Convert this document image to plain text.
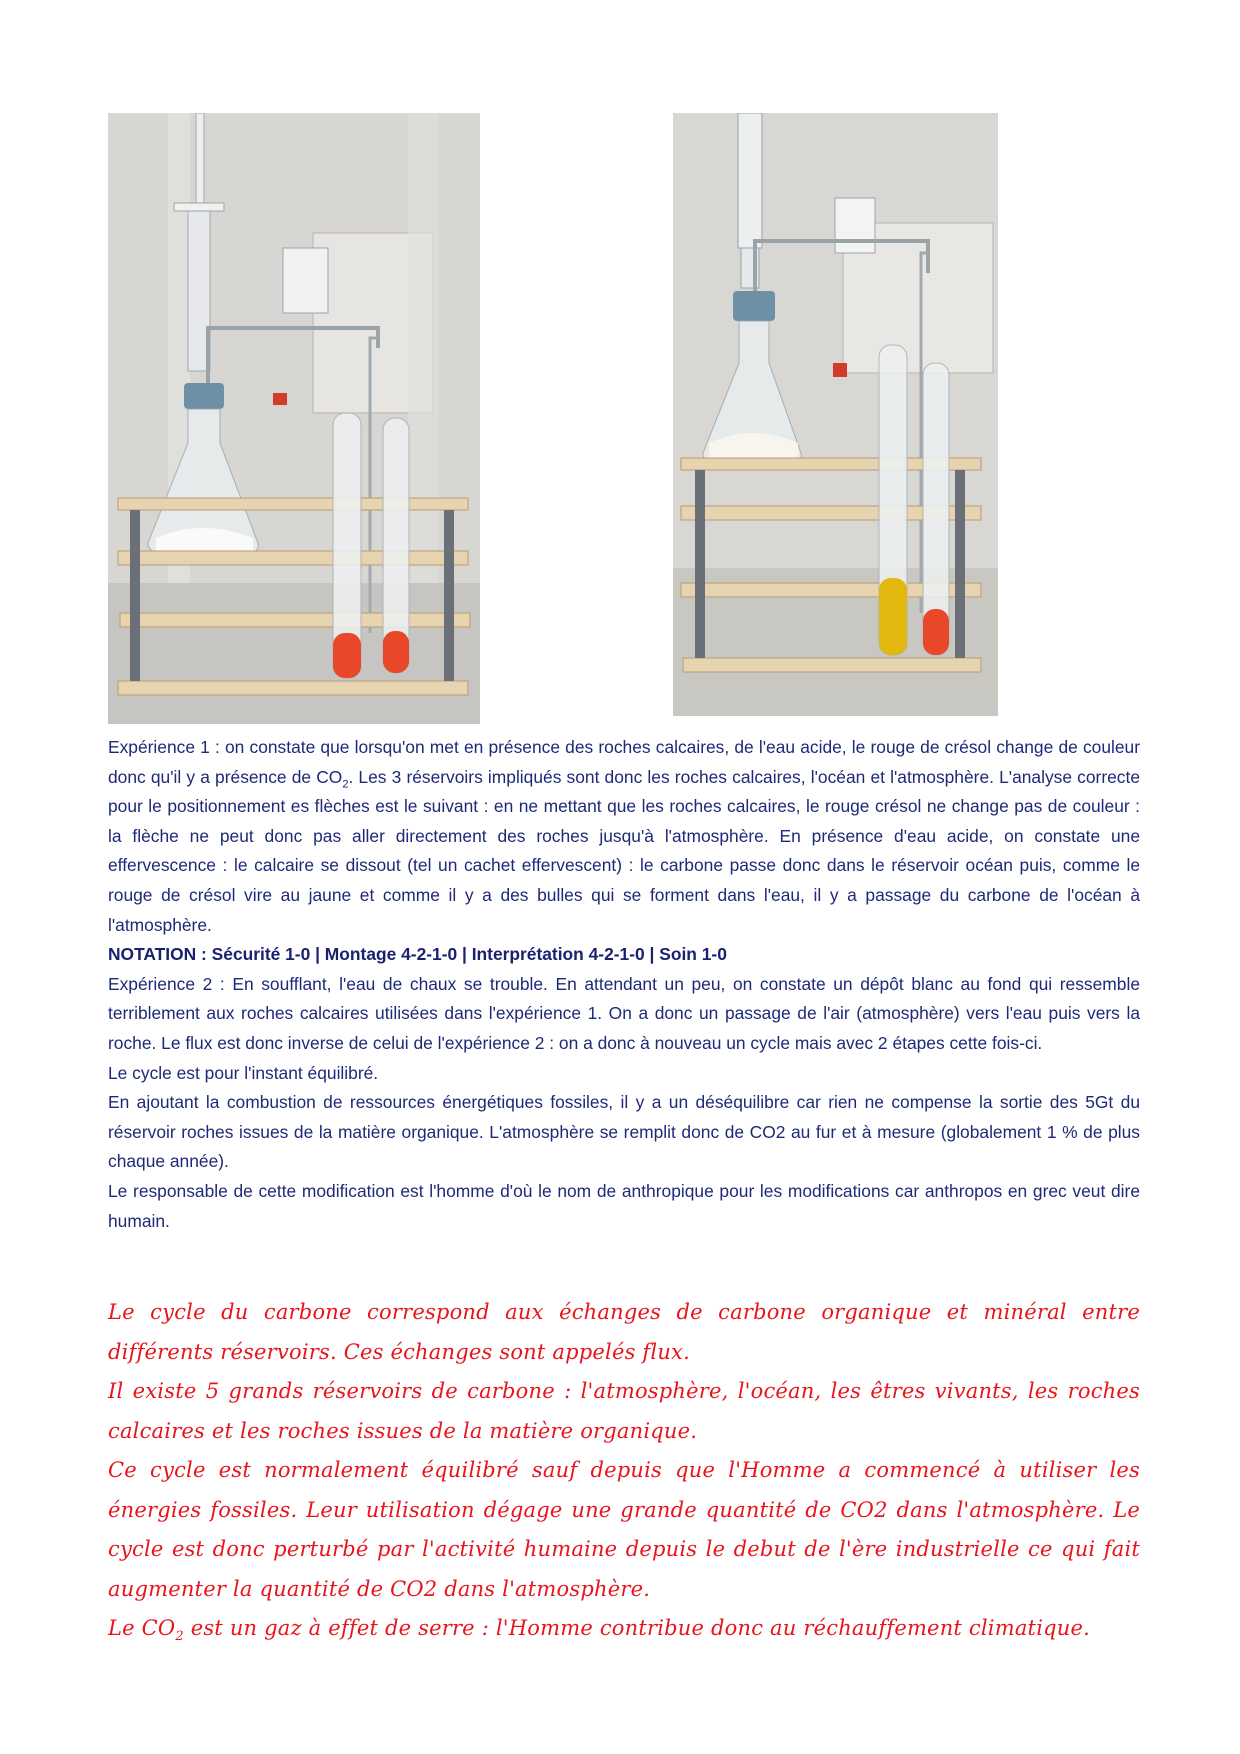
Expérience 1 : on constate que lorsqu'on met en présence des roches calcaires, de l'eau acide, le rouge de crésol change de couleur donc qu'il y a présence de $CO_2$. Les 3 réservoirs impliqués sont donc les roches calcaires, l'océan et l'atmosphère. L'analyse correcte pour le positionnement es flèches est le suivant : en ne mettant que les roches calcaires, le rouge crésol ne change pas de couleur : la flèche ne peut donc pas aller directement des roches jusqu'à l'atmosphère. En présence d'eau acide, on constate une effervescence : le calcaire se dissout (tel un cachet effervescent) : le carbone passe donc dans le réservoir océan puis, comme le rouge de crésol vire au jaune et comme il y a des bulles qui se forment dans l'eau, il y a passage du carbone de l'océan à l'atmosphère.

NOTATION : Sécurité 1-0 | Montage 4-2-1-0 | Interprétation 4-2-1-0 | Soin 1-0

Expérience 2 : En soufflant, l'eau de chaux se trouble. En attendant un peu, on constate un dépôt blanc au fond qui ressemble terriblement aux roches calcaires utilisées dans l'expérience 1. On a donc un passage de l'air (atmosphère) vers l'eau puis vers la roche. Le flux est donc inverse de celui de l'expérience 2 : on a donc à nouveau un cycle mais avec 2 étapes cette fois-ci.

Le cycle est pour l'instant équilibré.

En ajoutant la combustion de ressources énergétiques fossiles, il y a un déséquilibre car rien ne compense la sortie des 5Gt du réservoir roches issues de la matière organique. L'atmosphère se remplit donc de CO2 au fur et à mesure (globalement 1 % de plus chaque année).

Le responsable de cette modification est l'homme d'où le nom de anthropique pour les modifications car anthropos en grec veut dire humain.

Le cycle du carbone correspond aux échanges de carbone organique et minéral entre différents réservoirs. Ces échanges sont appelés flux.

Il existe 5 grands réservoirs de carbone : l'atmosphère, l'océan, les êtres vivants, les roches calcaires et les roches issues de la matière organique.

Ce cycle est normalement équilibré sauf depuis que l'Homme a commencé à utiliser les énergies fossiles. Leur utilisation dégage une grande quantité de CO2 dans l'atmosphère. Le cycle est donc perturbé par l'activité humaine depuis le debut de l'ère industrielle ce qui fait augmenter la quantité de CO2 dans l'atmosphère.

Le $CO_2$ est un gaz à effet de serre : l'Homme contribue donc au réchauffement climatique.
